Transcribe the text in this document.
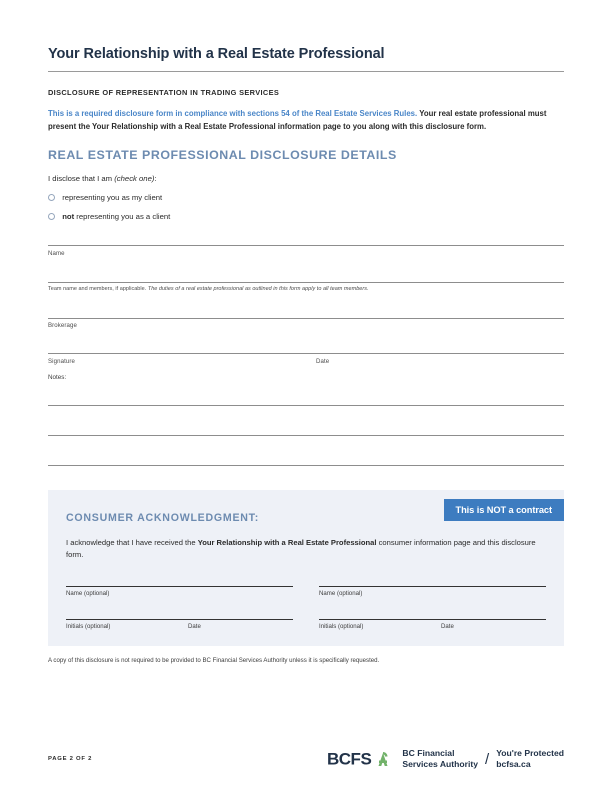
Your Relationship with a Real Estate Professional
DISCLOSURE OF REPRESENTATION IN TRADING SERVICES

This is a required disclosure form in compliance with sections 54 of the Real Estate Services Rules. Your real estate professional must present the Your Relationship with a Real Estate Professional information page to you along with this disclosure form.

REAL ESTATE PROFESSIONAL DISCLOSURE DETAILS
I disclose that I am (check one):
representing you as my client
not representing you as a client
Name
Team name and members, if applicable. The duties of a real estate professional as outlined in this form apply to all team members.
Brokerage
Signature	Date
Notes:
This is NOT a contract
CONSUMER ACKNOWLEDGMENT:
I acknowledge that I have received the Your Relationship with a Real Estate Professional consumer information page and this disclosure form.
Name (optional)	Name (optional)
Initials (optional)	Date	Initials (optional)	Date
A copy of this disclosure is not required to be provided to BC Financial Services Authority unless it is specifically requested.
PAGE 2 OF 2	BCFS	BC Financial
Services Authority / You're Protected
bcfsa.ca
